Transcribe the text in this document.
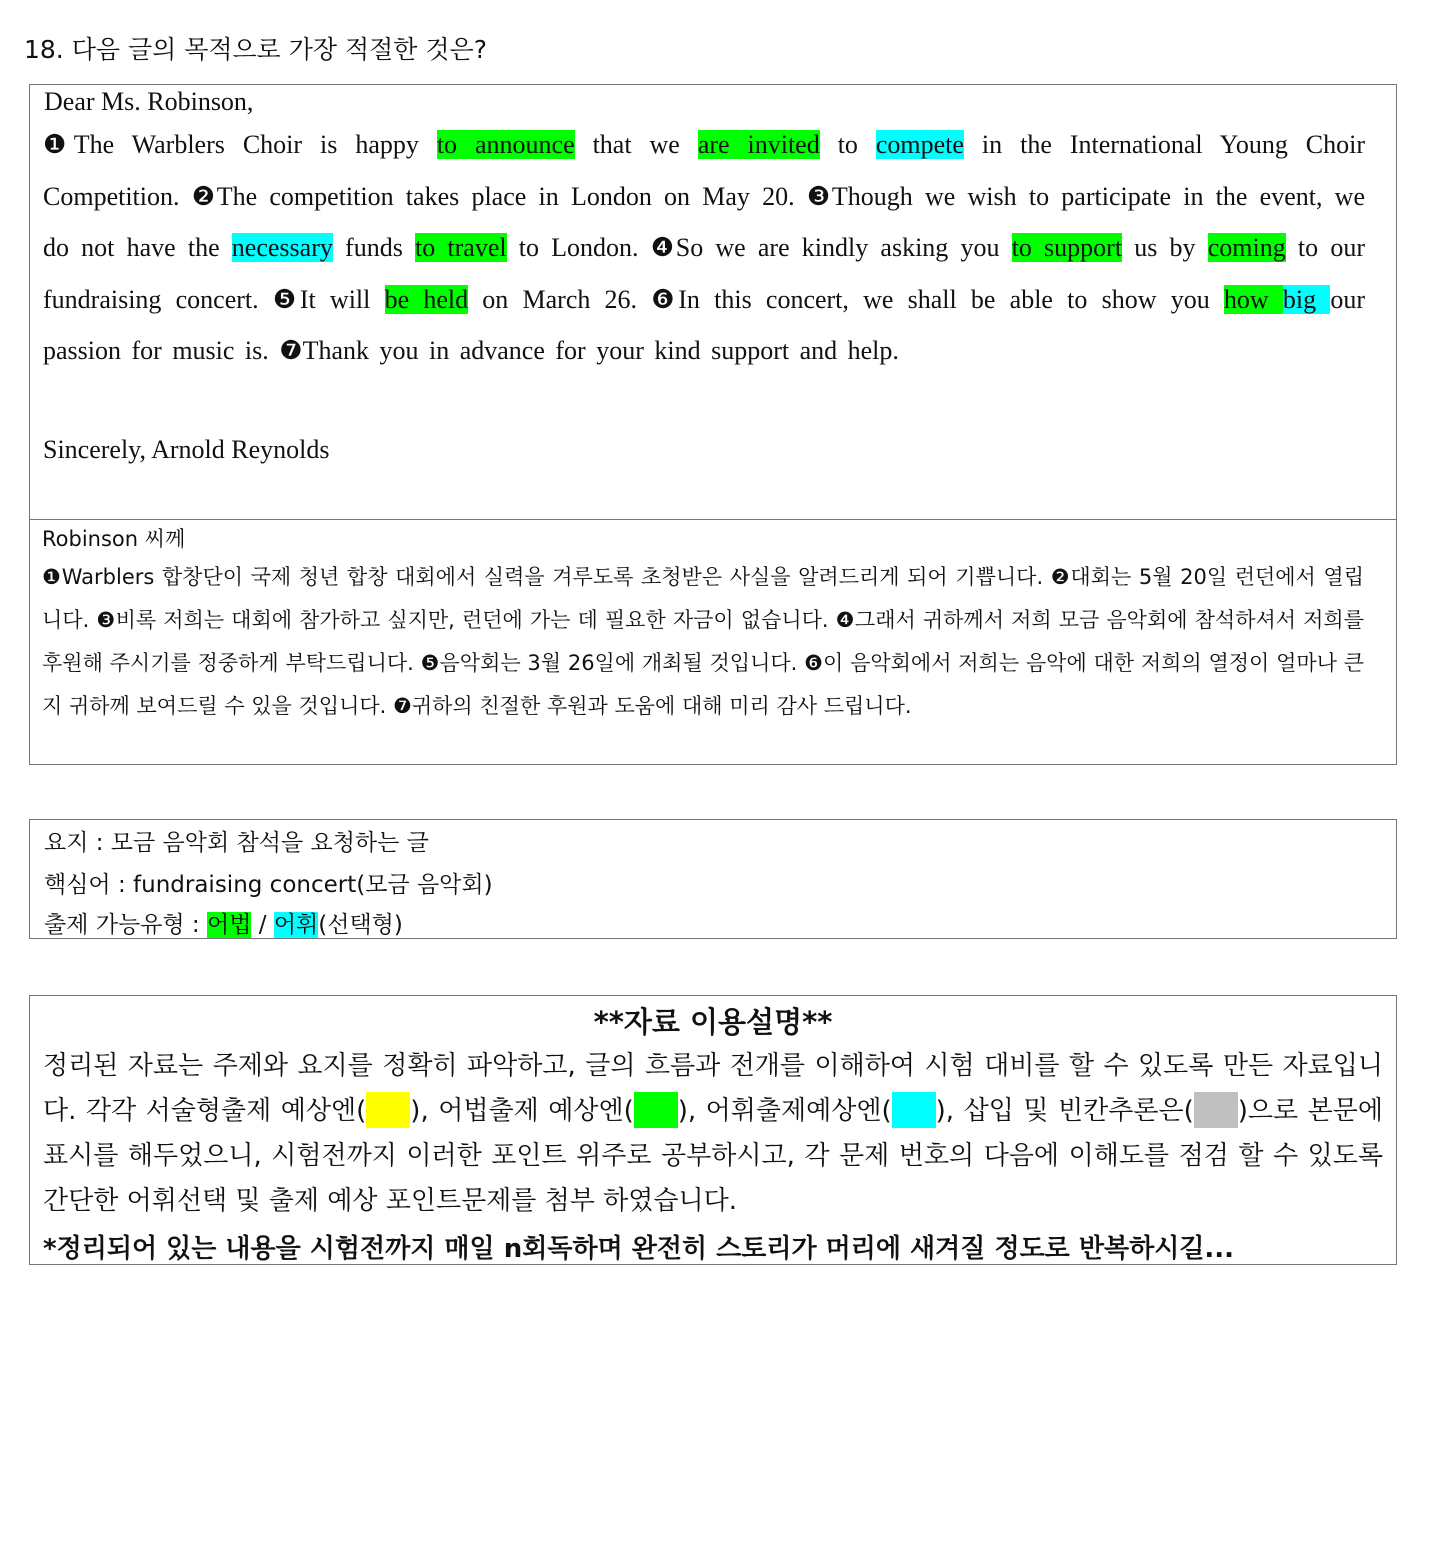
18. 다음 글의 목적으로 가장 적절한 것은?
Dear Ms. Robinson,
❶The Warblers Choir is happy to announce that we are invited to compete in the International Young Choir Competition. ❷The competition takes place in London on May 20. ❸Though we wish to participate in the event, we do not have the necessary funds to travel to London. ❹So we are kindly asking you to support us by coming to our fundraising concert. ❺It will be held on March 26. ❻In this concert, we shall be able to show you how big our passion for music is. ❼Thank you in advance for your kind support and help.
Sincerely, Arnold Reynolds
Robinson 씨께
❶Warblers 합창단이 국제 청년 합창 대회에서 실력을 겨루도록 초청받은 사실을 알려드리게 되어 기쁩니다. ❷대회는 5월 20일 런던에서 열립니다. ❸비록 저희는 대회에 참가하고 싶지만, 런던에 가는 데 필요한 자금이 없습니다. ❹그래서 귀하께서 저희 모금 음악회에 참석하셔서 저희를 후원해 주시기를 정중하게 부탁드립니다. ❺음악회는 3월 26일에 개최될 것입니다. ❻이 음악회에서 저희는 음악에 대한 저희의 열정이 얼마나 큰지 귀하께 보여드릴 수 있을 것입니다. ❼귀하의 친절한 후원과 도움에 대해 미리 감사 드립니다.
요지 : 모금 음악회 참석을 요청하는 글
핵심어 : fundraising concert(모금 음악회)
출제 가능유형 : 어법 / 어휘(선택형)
**자료 이용설명**
정리된 자료는 주제와 요지를 정확히 파악하고, 글의 흐름과 전개를 이해하여 시험 대비를 할 수 있도록 만든 자료입니다. 각각 서술형출제 예상엔( ), 어법출제 예상엔( ), 어휘출제예상엔( ), 삽입 및 빈칸추론은( )으로 본문에 표시를 해두었으니, 시험전까지 이러한 포인트 위주로 공부하시고, 각 문제 번호의 다음에 이해도를 점검 할 수 있도록 간단한 어휘선택 및 출제 예상 포인트문제를 첨부 하였습니다.
*정리되어 있는 내용을 시험전까지 매일 n회독하며 완전히 스토리가 머리에 새겨질 정도로 반복하시길...
